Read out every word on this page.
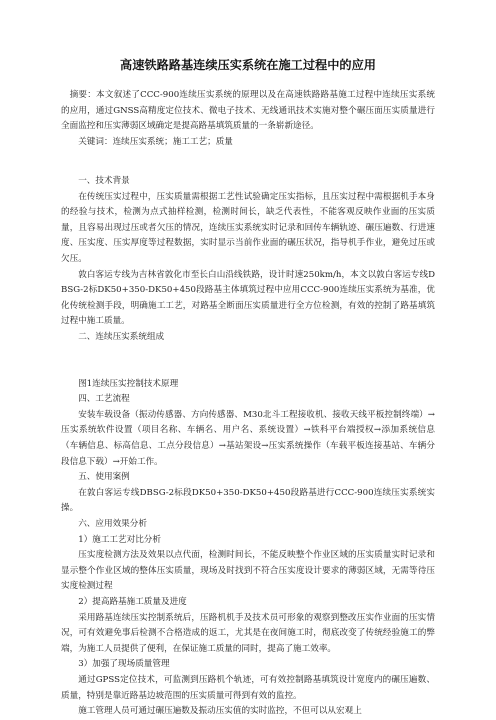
高速铁路路基连续压实系统在施工过程中的应用

摘要：本文叙述了CCC-900连续压实系统的原理以及在高速铁路路基施工过程中连续压实系统的应用，通过GNSS高精度定位技术、微电子技术、无线通讯技术实施对整个碾压面压实质量进行全面监控和压实薄弱区域确定是提高路基填筑质量的一条崭新途径。

关键词：连续压实系统；施工工艺；质量

一、技术背景

在传统压实过程中，压实质量需根据工艺性试验确定压实指标，且压实过程中需根据机手本身的经验与技术，检测为点式抽样检测，检测时间长，缺乏代表性，不能客观反映作业面的压实质量，且容易出现过压或者欠压的情况，连续压实系统实时记录和回传车辆轨迹、碾压遍数、行进速度、压实度、压实厚度等过程数据，实时显示当前作业面的碾压状况，指导机手作业，避免过压或欠压。

敦白客运专线为吉林省敦化市至长白山沿线铁路，设计时速250km/h，本文以敦白客运专线DBSG-2标DK50+350-DK50+450段路基主体填筑过程中应用CCC-900连续压实系统为基准，优化传统检测手段，明确施工工艺，对路基全断面压实质量进行全方位检测，有效的控制了路基填筑过程中施工质量。

二、连续压实系统组成

图1连续压实控制技术原理

四、工艺流程

安装车载设备（振动传感器、方向传感器、M30北斗工程接收机、接收天线平板控制终端）→压实系统软件设置（项目名称、车辆名、用户名、系统设置）→铁科平台端授权→添加系统信息（车辆信息、标高信息、工点分段信息）→基站架设→压实系统操作（车载平板连接基站、车辆分段信息下载）→开始工作。

五、使用案例

在敦白客运专线DBSG-2标段DK50+350-DK50+450段路基进行CCC-900连续压实系统实操。

六、应用效果分析

1）施工工艺对比分析

压实度检测方法及效果以点代面，检测时间长，不能反映整个作业区域的压实质量实时记录和显示整个作业区域的整体压实质量，现场及时找到不符合压实度设计要求的薄弱区域，无需等待压实度检测过程

2）提高路基施工质量及进度

采用路基连续压实控制系统后，压路机机手及技术员可形象的观察到整改压实作业面的压实情况，可有效避免事后检测不合格造成的返工，尤其是在夜间施工时，彻底改变了传统经验施工的弊端，为施工人员提供了便利，在保证施工质量的同时，提高了施工效率。

3）加强了现场质量管理

通过GPSS定位技术，可监测到压路机个轨迹，可有效控制路基填筑设计宽度内的碾压遍数、质量，特别是靠近路基边坡范围的压实质量可得到有效的监控。

施工管理人员可通过碾压遍数及振动压实值的实时监控，不但可以从宏观上
